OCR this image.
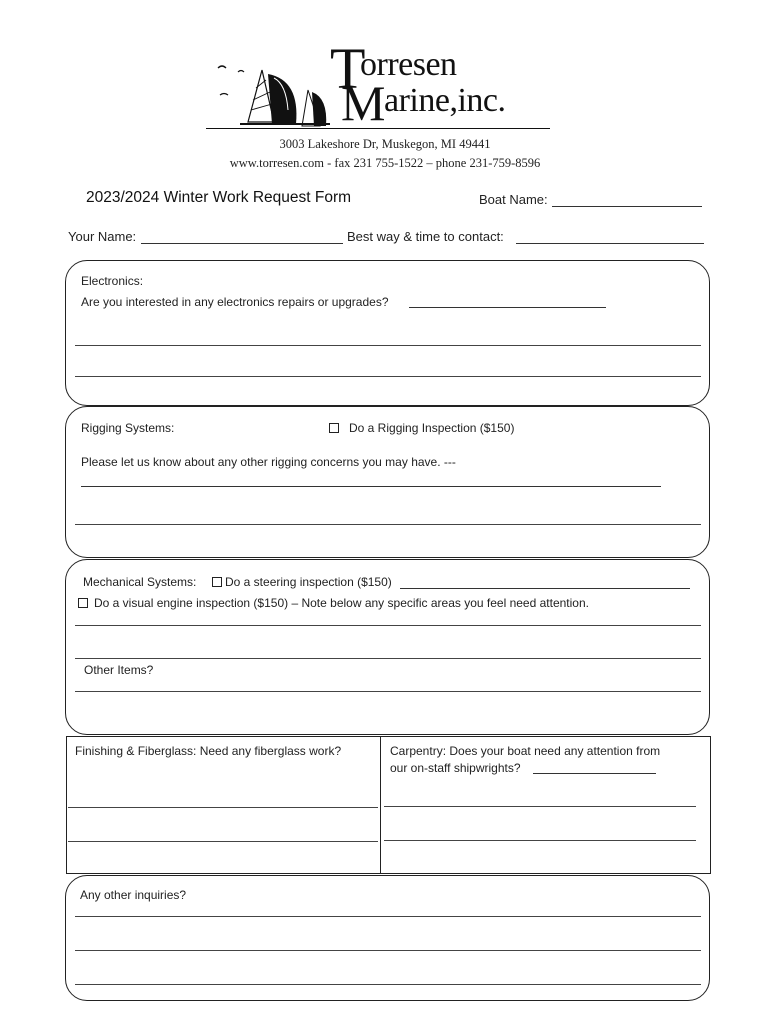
T
orresen
M
arine,inc.
3003 Lakeshore Dr, Muskegon, MI 49441
www.torresen.com - fax 231 755-1522 – phone 231-759-8596
2023/2024 Winter Work Request Form	Boat Name:
Your Name:	Best way & time to contact:
Electronics:
Are you interested in any electronics repairs or upgrades?
Rigging Systems:	Do a Rigging Inspection ($150)
Please let us know about any other rigging concerns you may have. ---
Mechanical Systems:	Do a steering inspection ($150)
Do a visual engine inspection ($150) – Note below any specific areas you feel need attention.
Other Items?
Finishing & Fiberglass: Need any fiberglass work?	Carpentry: Does your boat need any attention from
our on-staff shipwrights?
Any other inquiries?
